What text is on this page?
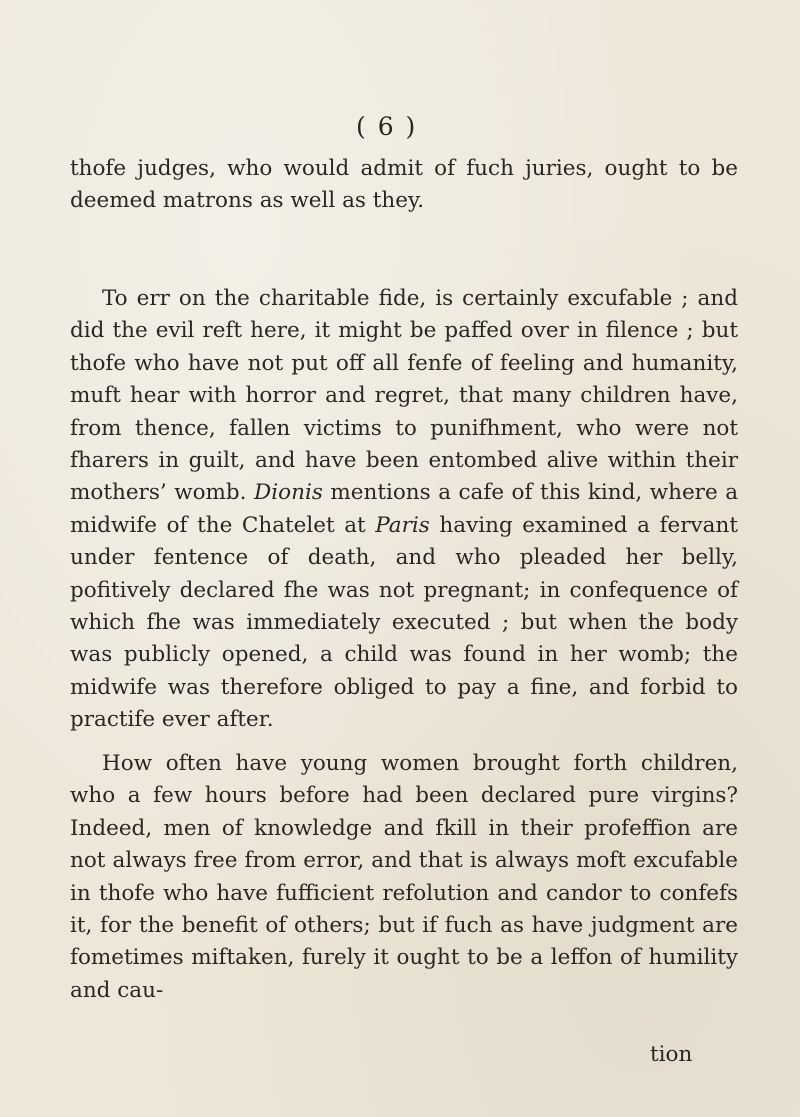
( 6 )

thofe judges, who would admit of fuch juries, ought to be deemed matrons as well as they.

To err on the charitable fide, is certainly excufable ; and did the evil reft here, it might be paffed over in filence ; but thofe who have not put off all fenfe of feeling and humanity, muft hear with horror and regret, that many children have, from thence, fallen victims to punifhment, who were not fharers in guilt, and have been entombed alive within their mothers’ womb. Dionis mentions a cafe of this kind, where a midwife of the Chatelet at Paris having examined a fervant under fentence of death, and who pleaded her belly, pofitively declared fhe was not pregnant; in confequence of which fhe was immediately executed ; but when the body was publicly opened, a child was found in her womb; the midwife was therefore obliged to pay a fine, and forbid to practife ever after.

How often have young women brought forth children, who a few hours before had been declared pure virgins? Indeed, men of knowledge and fkill in their profeffion are not always free from error, and that is always moft excufable in thofe who have fufficient refolution and candor to confefs it, for the benefit of others; but if fuch as have judgment are fometimes miftaken, furely it ought to be a leffon of humility and cau-

tion
